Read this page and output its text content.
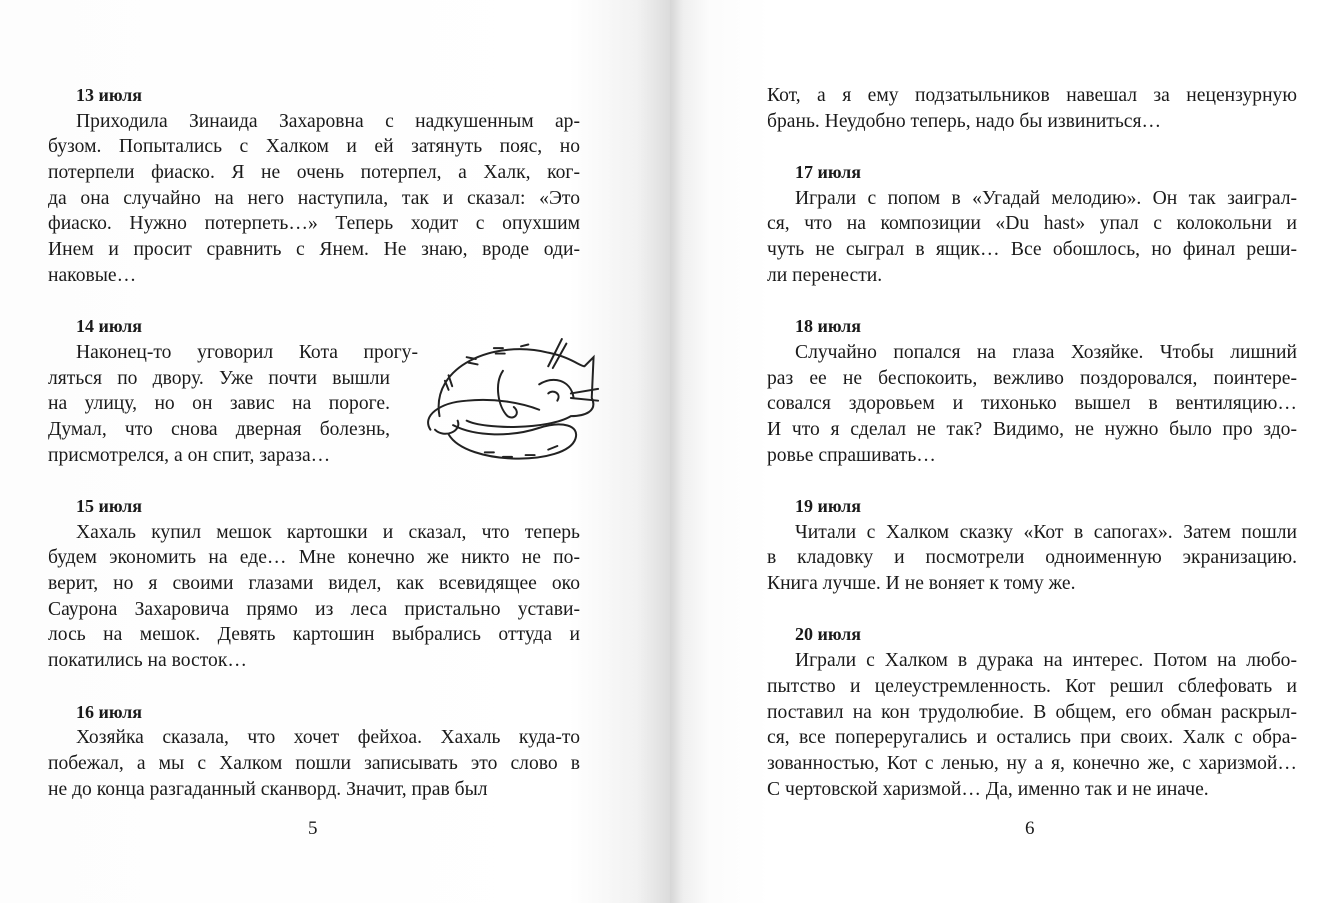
13 июля
Приходила Зинаида Захаровна с надкушенным ар-
бузом. Попытались с Халком и ей затянуть пояс, но
потерпели фиаско. Я не очень потерпел, а Халк, ког-
да она случайно на него наступила, так и сказал: «Это
фиаско. Нужно потерпеть…» Теперь ходит с опухшим
Инем и просит сравнить с Янем. Не знаю, вроде оди-
наковые…
14 июля
Наконец-то уговорил Кота прогу-
ляться по двору. Уже почти вышли
на улицу, но он завис на пороге.
Думал, что снова дверная болезнь,
присмотрелся, а он спит, зараза…
15 июля
Хахаль купил мешок картошки и сказал, что теперь
будем экономить на еде… Мне конечно же никто не по-
верит, но я своими глазами видел, как всевидящее око
Саурона Захаровича прямо из леса пристально устави-
лось на мешок. Девять картошин выбрались оттуда и
покатились на восток…
16 июля
Хозяйка сказала, что хочет фейхоа. Хахаль куда-то
побежал, а мы с Халком пошли записывать это слово в
не до конца разгаданный сканворд. Значит, прав был
5
Кот, а я ему подзатыльников навешал за нецензурную
брань. Неудобно теперь, надо бы извиниться…
17 июля
Играли с попом в «Угадай мелодию». Он так заиграл-
ся, что на композиции «Du hast» упал с колокольни и
чуть не сыграл в ящик… Все обошлось, но финал реши-
ли перенести.
18 июля
Случайно попался на глаза Хозяйке. Чтобы лишний
раз ее не беспокоить, вежливо поздоровался, поинтере-
совался здоровьем и тихонько вышел в вентиляцию…
И что я сделал не так? Видимо, не нужно было про здо-
ровье спрашивать…
19 июля
Читали с Халком сказку «Кот в сапогах». Затем пошли
в кладовку и посмотрели одноименную экранизацию.
Книга лучше. И не воняет к тому же.
20 июля
Играли с Халком в дурака на интерес. Потом на любо-
пытство и целеустремленность. Кот решил сблефовать и
поставил на кон трудолюбие. В общем, его обман раскрыл-
ся, все попереругались и остались при своих. Халк с обра-
зованностью, Кот с ленью, ну а я, конечно же, с харизмой…
С чертовской харизмой… Да, именно так и не иначе.
6
